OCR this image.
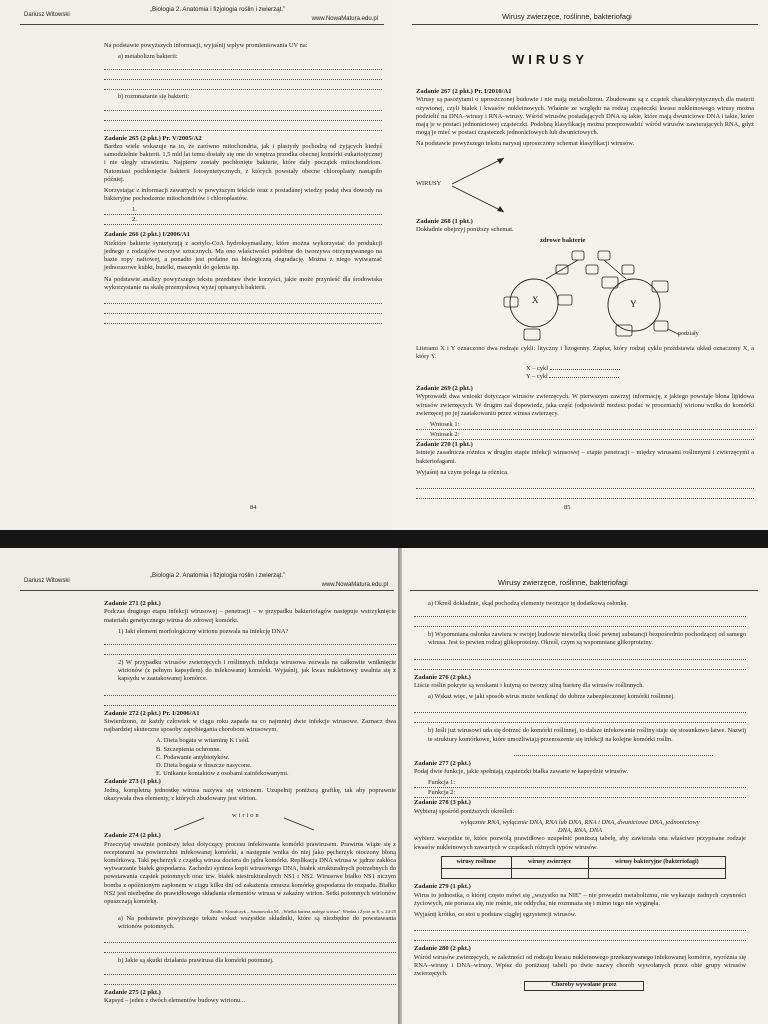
Dariusz Witowski
„Biologia 2. Anatomia i fizjologia roślin i zwierząt.”
www.NowaMatura.edu.pl
Na podstawie powyższych informacji, wyjaśnij wpływ promieniowania UV na:
a) metabolizm bakterii:
b) rozmnażanie się bakterii:
Zadanie 265 (2 pkt.) Pr. V/2005/A2
Bardzo wiele wskazuje na to, że zarówno mitochondria, jak i plastydy pochodzą od żyjących kiedyś samodzielnie bakterii. 1,5 mld lat temu dostały się one do wnętrza przodka obecnej komórki eukariotycznej i nie uległy strawieniu. Najpierw zostały pochłonięte bakterie, które dały początek mitochondriom. Natomiast pochłonięcie bakterii fotosyntetycznych, z których powstały obecne chloroplasty nastąpiło później.
Korzystając z informacji zawartych w powyższym tekście oraz z posiadanej wiedzy podaj dwa dowody na bakteryjne pochodzenie mitochondriów i chloroplastów.
1.
2.
Zadanie 266 (2 pkt.) I/2006/A1
Niektóre bakterie syntetyzują z acetylo-CoA hydroksymaślany, które można wykorzystać do produkcji jednego z rodzajów tworzyw sztucznych. Ma ono właściwości podobne do tworzywa otrzymywanego na bazie ropy naftowej, a ponadto jest podatne na biologiczną degradację. Można z niego wytwarzać jednorazowe kubki, butelki, maszynki do golenia itp.
Na podstawie analizy powyższego tekstu przedstaw dwie korzyści, jakie może przynieść dla środowiska wykorzystanie na skalę przemysłową wyżej opisanych bakterii.
84
Wirusy zwierzęce, roślinne, bakteriofagi
WIRUSY
Zadanie 267 (2 pkt.) Pr. I/2010/A1
Wirusy są pasożytami o uproszczonej budowie i nie mają metabolizmu. Zbudowane są z cząstek charakterystycznych dla materii ożywionej, czyli białek i kwasów nukleinowych. Właśnie ze względu na rodzaj cząsteczki kwasu nukleinowego wirusy można podzielić na DNA–wirusy i RNA–wirusy. Wśród wirusów posiadających DNA są takie, które mają dwuniciowe DNA i takie, które mają je w postaci jednoniciowej cząsteczki. Podobną klasyfikację można przeprowadzić wśród wirusów zawierających RNA, gdyż mogą je mieć w postaci cząsteczek jednoniciowych lub dwuniciowych.
Na podstawie powyższego tekstu narysuj uproszczony schemat klasyfikacji wirusów.
WIRUSY
Zadanie 268 (1 pkt.)
Dokładnie obejrzyj poniższy schemat.
zdrowe bakterie
X	Y
podziały
Literami X i Y oznaczono dwa rodzaje cykli: lityczny i lizogenny. Zapisz, który rodzaj cyklu przedstawia układ oznaczony X, a który Y.
X – cykl
Y – cykl
Zadanie 269 (2 pkt.)
Wyprowadź dwa wnioski dotyczące wirusów zwierzęcych. W pierwszym zawrzyj informację, z jakiego powstaje błona lipidowa wirusów zwierzęcych. W drugim zaś dopowiedz, jaka część (odpowiedź możesz podać w procentach) wirionu wnika do komórki zwierzęcej po jej zaatakowaniu przez wirusa zwierzęcy.
Wniosek 1:
Wniosek 2:
Zadanie 270 (1 pkt.)
Istnieje zasadnicza różnica w drugim etapie infekcji wirusowej – etapie penetracji – między wirusami roślinnymi i zwierzęcymi a bakteriofagami.
Wyjaśnij na czym polega ta różnica.
85
Dariusz Witowski
„Biologia 2. Anatomia i fizjologia roślin i zwierząt.”
www.NowaMatura.edu.pl
Zadanie 271 (2 pkt.)
Podczas drugiego etapu infekcji wirusowej – penetracji – w przypadku bakteriofagów następuje wstrzyknięcie materiału genetycznego wirusa do zdrowej komórki.
1) Jaki element morfologiczny wirionu pozwala na iniekcję DNA?
2) W przypadku wirusów zwierzęcych i roślinnych infekcja wirusowa zezwala na całkowite wniknięcie wirionów (z pełnym kapsydem) do infekowanej komórki. Wyjaśnij, jak kwas nukleinowy uwalnia się z kapsydu w zaatakowanej komórce.
Zadanie 272 (2 pkt.) Pr. I/2006/A1
Stwierdzono, że każdy człowiek w ciągu roku zapada na co najmniej dwie infekcje wirusowe. Zaznacz dwa najbardziej skuteczne sposoby zapobiegania chorobom wirusowym.
A. Dieta bogata w witaminę K i sód.
B. Szczepienia ochronne.
C. Podawanie antybiotyków.
D. Dieta bogata w tłuszcze nasycone.
E. Unikanie kontaktów z osobami zainfekowanymi.
Zadanie 273 (1 pkt.)
Jedną, kompletną jednostkę wirusa nazywa się wirionem. Uzupełnij poniższą grafikę, tak aby poprawnie ukazywała dwa elementy, z których zbudowany jest wirion.
wirion
Zadanie 274 (2 pkt.)
Przeczytaj uważnie poniższy tekst dotyczący procesu infekowania komórki prawirusem. Prawirus wiąże się z receptorami na powierzchni infekowanej komórki, a następnie wnika do niej jako pęcherzyk otoczony błoną komórkową. Taki pęcherzyk z cząstką wirusa dociera do jądra komórki. Replikacja DNA wirusa w jądrze zakłóca wytwarzanie białek gospodarza. Zachodzi synteza kopii wirusowego DNA, białek strukturalnych potrzebnych do powstawania cząstek potomnych oraz tzw. białek niestrukturalnych NS1 i NS2. Wirusowe białko NS1 niczym bomba z opóźnionym zapłonem w ciągu kilku dni od zakażenia zmusza komórkę gospodarza do rozpadu. Białko NS2 jest niezbędne do prawidłowego składania elementów wirusa w zakaźny wirion. Setki potomnych wirionów opuszczają komórkę.
Źródło: Kowalczyk – Szumowska M., „Wielka kariera małego wirusa", Wiedza i Życie nr 8, s. 24-25
a) Na podstawie powyższego tekstu wskaż wszystkie składniki, które są niezbędne do powstawania wirionów potomnych.
b) Jakie są skutki działania prawirusa dla komórki potomnej.
Zadanie 275 (2 pkt.)
Kapsyd – jeden z dwóch elementów budowy wirionu...
Wirusy zwierzęce, roślinne, bakteriofagi
a) Określ dokładnie, skąd pochodzą elementy tworzące tę dodatkową osłonkę.
b) Wspomniana osłonka zawiera w swojej budowie niewielką ilość pewnej substancji bezpośrednio pochodzącej od samego wirusa. Jest to pewien rodzaj glikoproteiny. Określ, czym są wspomniane glikoproteiny.
Zadanie 276 (2 pkt.)
Liście roślin pokryte są woskami i kutyną co tworzy silną barierę dla wirusów roślinnych.
a) Wskaż więc, w jaki sposób wirus może wniknąć do dobrze zabezpieczonej komórki roślinnej.
b) Jeśli już wirusowi uda się dotrzeć do komórki roślinnej, to dalsze infekowanie rośliny staje się stosunkowo łatwe. Nazwij te struktury komórkowe, które umożliwiają przenoszenie się infekcji na kolejne komórki roślin.
Zadanie 277 (2 pkt.)
Podaj dwie funkcje, jakie spełniają cząsteczki białka zawarte w kapsydzie wirusów.
Funkcja 1:
Funkcja 2:
Zadanie 278 (3 pkt.)
Wybieraj spośród poniższych określeń:
wyłącznie RNA, wyłącznie DNA, RNA lub DNA, RNA i DNA, dwuniciowe DNA, jednoniciowy DNA, RNA, DNA
wybierz wszystkie te, które pozwolą prawidłowo uzupełnić poniższą tabelę, aby zawierała ona właściwe przypisane rodzaje kwasów nukleinowych zawartych w cząstkach różnych typów wirusów.
wirusy roślinne	wirusy zwierzęce	wirusy bakteryjne (bakteriofagi)

Zadanie 279 (1 pkt.)
Wirus to jednostka, o której często mówi się „wszystko na NIE" – nie prowadzi metabolizmu, nie wykazuje żadnych czynności życiowych, nie porusza się, nie rośnie, nie oddycha, nie rozmnaża się i mimo tego nie wyginęła.
Wyjaśnij krótko, co stoi u podstaw ciągłej egzystencji wirusów.
Zadanie 280 (2 pkt.)
Wśród wirusów zwierzęcych, w zależności od rodzaju kwasu nukleinowego przekazywanego infekowanej komórce, wyróżnia się RNA–wirusy i DNA–wirusy. Wpisz do poniższej tabeli po dwie nazwy chorób wywołanych przez obie grupy wirusów zwierzęcych.
Choroby wywołane przez
